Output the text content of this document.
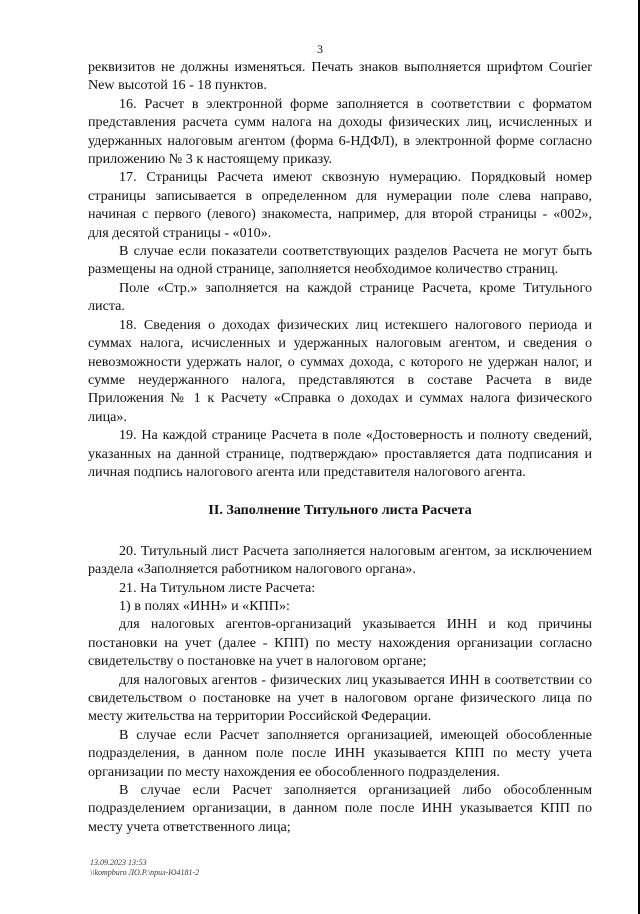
3

реквизитов не должны изменяться. Печать знаков выполняется шрифтом Courier New высотой 16 - 18 пунктов.

16. Расчет в электронной форме заполняется в соответствии с форматом представления расчета сумм налога на доходы физических лиц, исчисленных и удержанных налоговым агентом (форма 6-НДФЛ), в электронной форме согласно приложению № 3 к настоящему приказу.

17. Страницы Расчета имеют сквозную нумерацию. Порядковый номер страницы записывается в определенном для нумерации поле слева направо, начиная с первого (левого) знакоместа, например, для второй страницы - «002», для десятой страницы - «010».

В случае если показатели соответствующих разделов Расчета не могут быть размещены на одной странице, заполняется необходимое количество страниц.

Поле «Стр.» заполняется на каждой странице Расчета, кроме Титульного листа.

18. Сведения о доходах физических лиц истекшего налогового периода и суммах налога, исчисленных и удержанных налоговым агентом, и сведения о невозможности удержать налог, о суммах дохода, с которого не удержан налог, и сумме неудержанного налога, представляются в составе Расчета в виде Приложения № 1 к Расчету «Справка о доходах и суммах налога физического лица».

19. На каждой странице Расчета в поле «Достоверность и полноту сведений, указанных на данной странице, подтверждаю» проставляется дата подписания и личная подпись налогового агента или представителя налогового агента.

II. Заполнение Титульного листа Расчета

20. Титульный лист Расчета заполняется налоговым агентом, за исключением раздела «Заполняется работником налогового органа».

21. На Титульном листе Расчета:

1) в полях «ИНН» и «КПП»:

для налоговых агентов-организаций указывается ИНН и код причины постановки на учет (далее - КПП) по месту нахождения организации согласно свидетельству о постановке на учет в налоговом органе;

для налоговых агентов - физических лиц указывается ИНН в соответствии со свидетельством о постановке на учет в налоговом органе физического лица по месту жительства на территории Российской Федерации.

В случае если Расчет заполняется организацией, имеющей обособленные подразделения, в данном поле после ИНН указывается КПП по месту учета организации по месту нахождения ее обособленного подразделения.

В случае если Расчет заполняется организацией либо обособленным подразделением организации, в данном поле после ИНН указывается КПП по месту учета ответственного лица;

13.09.2023 13:53
\\kompburo ЛО.Р.\прил-Ю4181-2
